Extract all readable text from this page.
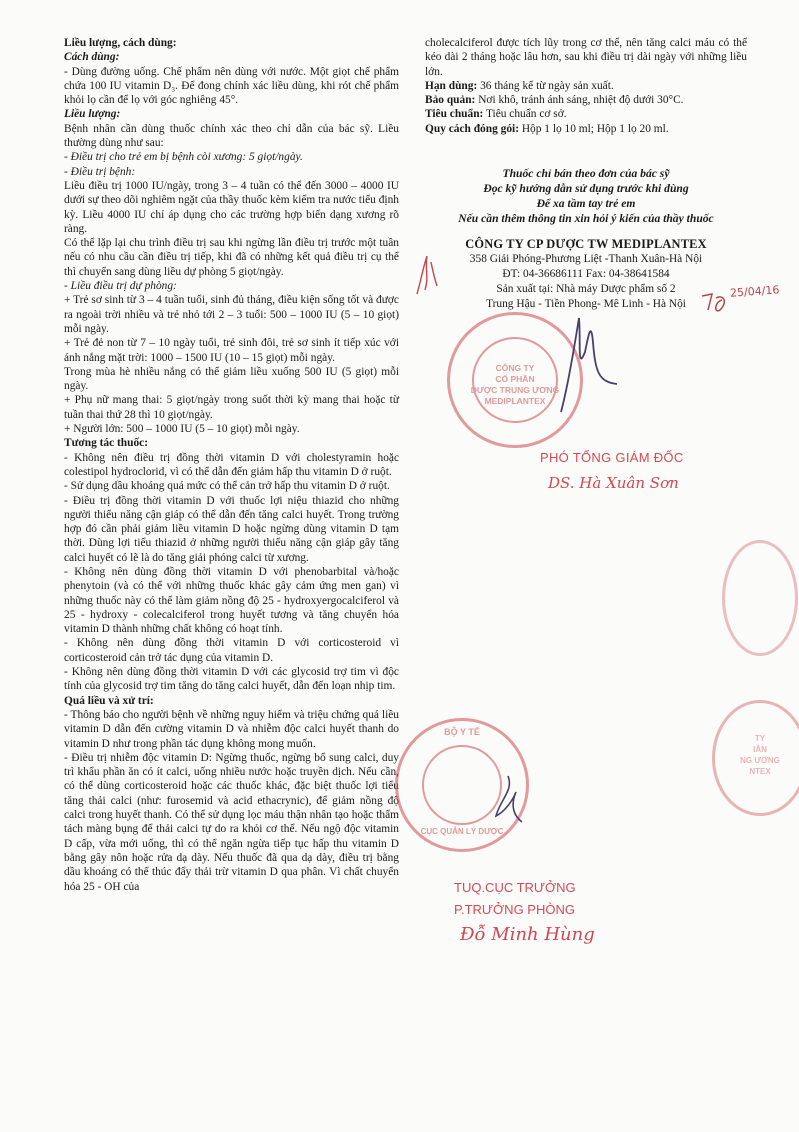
Liều lượng, cách dùng:

Cách dùng:

- Dùng đường uống. Chế phẩm nên dùng với nước. Một giọt chế phẩm chứa 100 IU vitamin D₃. Để đong chính xác liều dùng, khi rót chế phẩm khỏi lọ cần để lọ với góc nghiêng 45°.

Liều lượng:

Bệnh nhân cần dùng thuốc chính xác theo chỉ dẫn của bác sỹ. Liều thường dùng như sau:

- Điều trị cho trẻ em bị bệnh còi xương: 5 giọt/ngày.

- Điều trị bệnh:

Liều điều trị 1000 IU/ngày, trong 3 – 4 tuần có thể đến 3000 – 4000 IU dưới sự theo dõi nghiêm ngặt của thầy thuốc kèm kiểm tra nước tiểu định kỳ. Liều 4000 IU chỉ áp dụng cho các trường hợp biến dạng xương rõ ràng.

Có thể lặp lại chu trình điều trị sau khi ngừng lần điều trị trước một tuần nếu có nhu cầu cần điều trị tiếp, khi đã có những kết quả điều trị cụ thể thì chuyển sang dùng liều dự phòng 5 giọt/ngày.

- Liều điều trị dự phòng:

+ Trẻ sơ sinh từ 3 – 4 tuần tuổi, sinh đủ tháng, điều kiện sống tốt và được ra ngoài trời nhiều và trẻ nhỏ tới 2 – 3 tuổi: 500 – 1000 IU (5 – 10 giọt) mỗi ngày.

+ Trẻ đẻ non từ 7 – 10 ngày tuổi, trẻ sinh đôi, trẻ sơ sinh ít tiếp xúc với ánh nắng mặt trời: 1000 – 1500 IU (10 – 15 giọt) mỗi ngày.

Trong mùa hè nhiều nắng có thể giảm liều xuống 500 IU (5 giọt) mỗi ngày.

+ Phụ nữ mang thai: 5 giọt/ngày trong suốt thời kỳ mang thai hoặc từ tuần thai thứ 28 thì 10 giọt/ngày.

+ Người lớn: 500 – 1000 IU (5 – 10 giọt) mỗi ngày.

Tương tác thuốc:

- Không nên điều trị đồng thời vitamin D với cholestyramin hoặc colestipol hydroclorid, vì có thể dẫn đến giảm hấp thu vitamin D ở ruột.

- Sử dụng dầu khoáng quá mức có thể cản trở hấp thu vitamin D ở ruột.

- Điều trị đồng thời vitamin D với thuốc lợi niệu thiazid cho những người thiểu năng cận giáp có thể dẫn đến tăng calci huyết. Trong trường hợp đó cần phải giảm liều vitamin D hoặc ngừng dùng vitamin D tạm thời. Dùng lợi tiểu thiazid ở những người thiểu năng cận giáp gây tăng calci huyết có lẽ là do tăng giải phóng calci từ xương.

- Không nên dùng đồng thời vitamin D với phenobarbital và/hoặc phenytoin (và có thể với những thuốc khác gây cảm ứng men gan) vì những thuốc này có thể làm giảm nồng độ 25 - hydroxyergocalciferol và 25 - hydroxy - colecalciferol trong huyết tương và tăng chuyển hóa vitamin D thành những chất không có hoạt tính.

- Không nên dùng đồng thời vitamin D với corticosteroid vì corticosteroid cản trở tác dụng của vitamin D.

- Không nên dùng đồng thời vitamin D với các glycosid trợ tim vì độc tính của glycosid trợ tim tăng do tăng calci huyết, dẫn đến loạn nhịp tim.

Quá liều và xử trí:

- Thông báo cho người bệnh về những nguy hiểm và triệu chứng quá liều vitamin D dẫn đến cường vitamin D và nhiễm độc calci huyết thanh do vitamin D như trong phần tác dụng không mong muốn.

- Điều trị nhiễm độc vitamin D: Ngừng thuốc, ngừng bổ sung calci, duy trì khẩu phần ăn có ít calci, uống nhiều nước hoặc truyền dịch. Nếu cần, có thể dùng corticosteroid hoặc các thuốc khác, đặc biệt thuốc lợi tiểu tăng thải calci (như: furosemid và acid ethacrynic), để giảm nồng độ calci trong huyết thanh. Có thể sử dụng lọc máu thận nhân tạo hoặc thẩm tách màng bụng để thải calci tự do ra khỏi cơ thể. Nếu ngộ độc vitamin D cấp, vừa mới uống, thì có thể ngăn ngừa tiếp tục hấp thu vitamin D bằng gây nôn hoặc rửa dạ dày. Nếu thuốc đã qua dạ dày, điều trị bằng dầu khoáng có thể thúc đẩy thải trừ vitamin D qua phân. Vì chất chuyển hóa 25 - OH của

cholecalciferol được tích lũy trong cơ thể, nên tăng calci máu có thể kéo dài 2 tháng hoặc lâu hơn, sau khi điều trị dài ngày với những liều lớn.

Hạn dùng: 36 tháng kể từ ngày sản xuất.

Bảo quản: Nơi khô, tránh ánh sáng, nhiệt độ dưới 30°C.

Tiêu chuẩn: Tiêu chuẩn cơ sở.

Quy cách đóng gói: Hộp 1 lọ 10 ml; Hộp 1 lọ 20 ml.

Thuốc chỉ bán theo đơn của bác sỹ
Đọc kỹ hướng dẫn sử dụng trước khi dùng
Để xa tầm tay trẻ em
Nếu cần thêm thông tin xin hỏi ý kiến của thầy thuốc
CÔNG TY CP DƯỢC TW MEDIPLANTEX
358 Giải Phóng-Phương Liệt -Thanh Xuân-Hà Nội
ĐT: 04-36686111 Fax: 04-38641584
Sản xuất tại: Nhà máy Dược phẩm số 2
Trung Hậu - Tiền Phong- Mê Linh - Hà Nội
25/04/16
CÔNG TY
CỔ PHẦN
DƯỢC TRUNG ƯƠNG
MEDIPLANTEX
PHÓ TỔNG GIÁM ĐỐC
DS. Hà Xuân Sơn
TY
IẦN
NG ƯƠNG
NTEX
BỘ Y TẾ
CỤC QUẢN LÝ DƯỢC
TUQ.CỤC TRƯỞNG
P.TRƯỞNG PHÒNG
Đỗ Minh Hùng
